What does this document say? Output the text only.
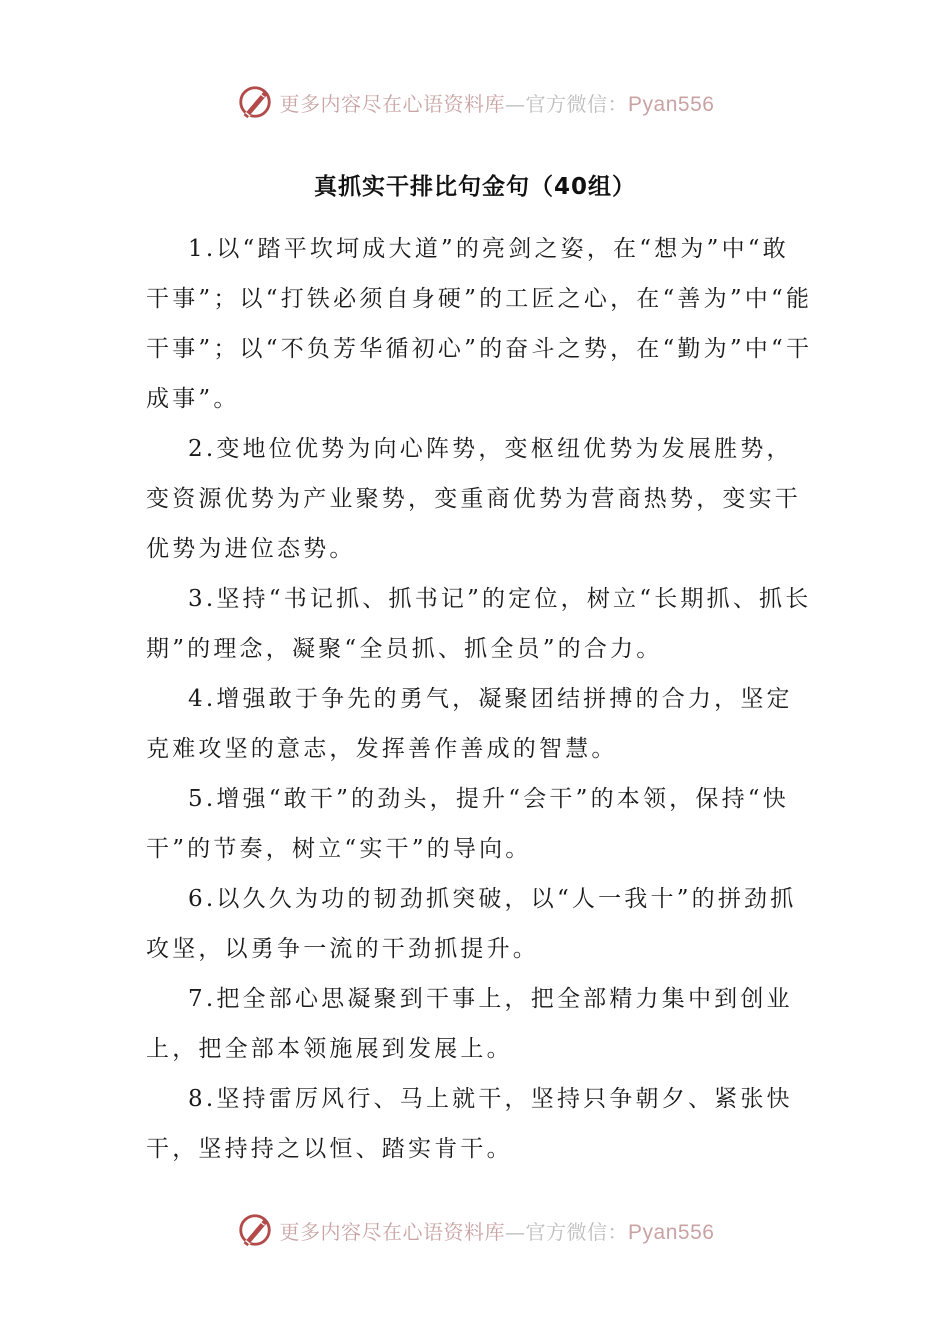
更多内容尽在心语资料库—官方微信：Pyan556
真抓实干排比句金句（40组）

1.以“踏平坎坷成大道”的亮剑之姿，在“想为”中“敢干事”；以“打铁必须自身硬”的工匠之心，在“善为”中“能干事”；以“不负芳华循初心”的奋斗之势，在“勤为”中“干成事”。

2.变地位优势为向心阵势，变枢纽优势为发展胜势，变资源优势为产业聚势，变重商优势为营商热势，变实干优势为进位态势。

3.坚持“书记抓、抓书记”的定位，树立“长期抓、抓长期”的理念，凝聚“全员抓、抓全员”的合力。

4.增强敢于争先的勇气，凝聚团结拼搏的合力，坚定克难攻坚的意志，发挥善作善成的智慧。

5.增强“敢干”的劲头，提升“会干”的本领，保持“快干”的节奏，树立“实干”的导向。

6.以久久为功的韧劲抓突破，以“人一我十”的拼劲抓攻坚，以勇争一流的干劲抓提升。

7.把全部心思凝聚到干事上，把全部精力集中到创业上，把全部本领施展到发展上。

8.坚持雷厉风行、马上就干，坚持只争朝夕、紧张快干，坚持持之以恒、踏实肯干。

更多内容尽在心语资料库—官方微信：Pyan556
